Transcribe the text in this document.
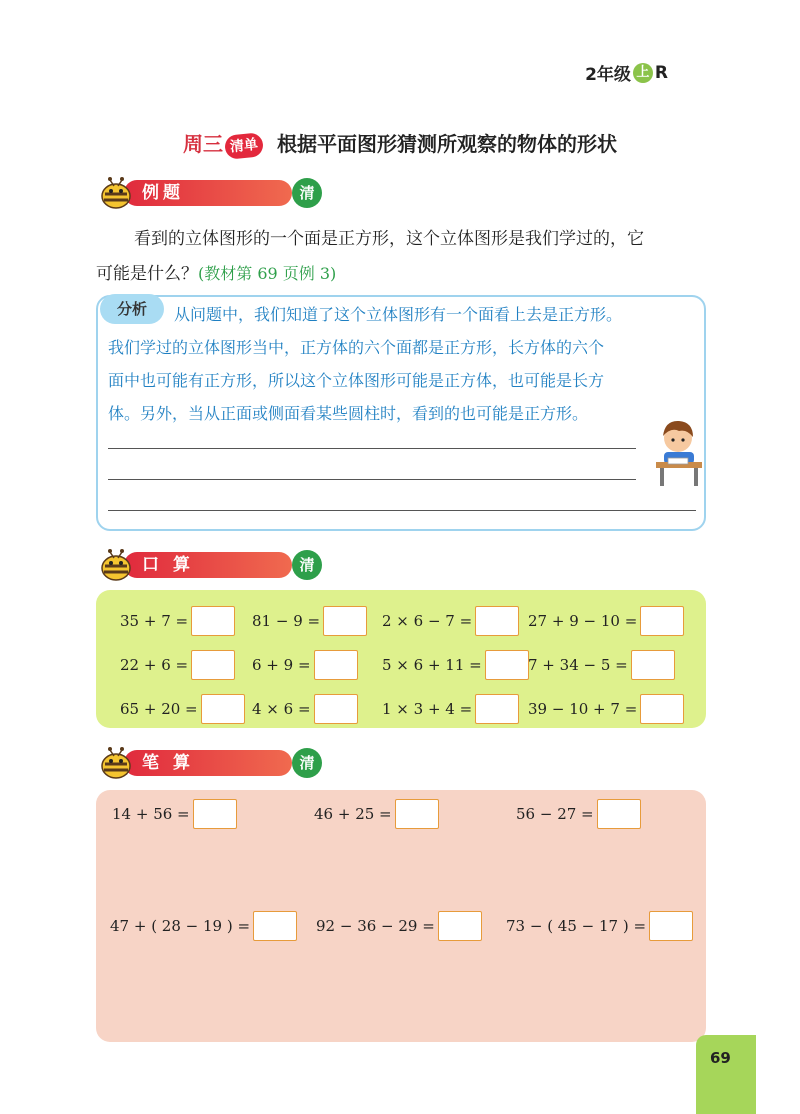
2年级 上 R
周三 清单 根据平面图形猜测所观察的物体的形状
例题	清
看到的立体图形的一个面是正方形，这个立体图形是我们学过的，它
可能是什么？(教材第 69 页例 3)
分析	从问题中，我们知道了这个立体图形有一个面看上去是正方形。
我们学过的立体图形当中，正方体的六个面都是正方形，长方体的六个
面中也可能有正方形，所以这个立体图形可能是正方体，也可能是长方
体。另外，当从正面或侧面看某些圆柱时，看到的也可能是正方形。
口算	清
35 + 7 =	81 − 9 =	2 × 6 − 7 =	27 + 9 − 10 =
22 + 6 =	6 + 9 =	5 × 6 + 11 =	7 + 34 − 5 =
65 + 20 =	4 × 6 =	1 × 3 + 4 =	39 − 10 + 7 =
笔算	清
14 + 56 =	46 + 25 =	56 − 27 =
47 + ( 28 − 19 ) =	92 − 36 − 29 =	73 − ( 45 − 17 ) =
69
